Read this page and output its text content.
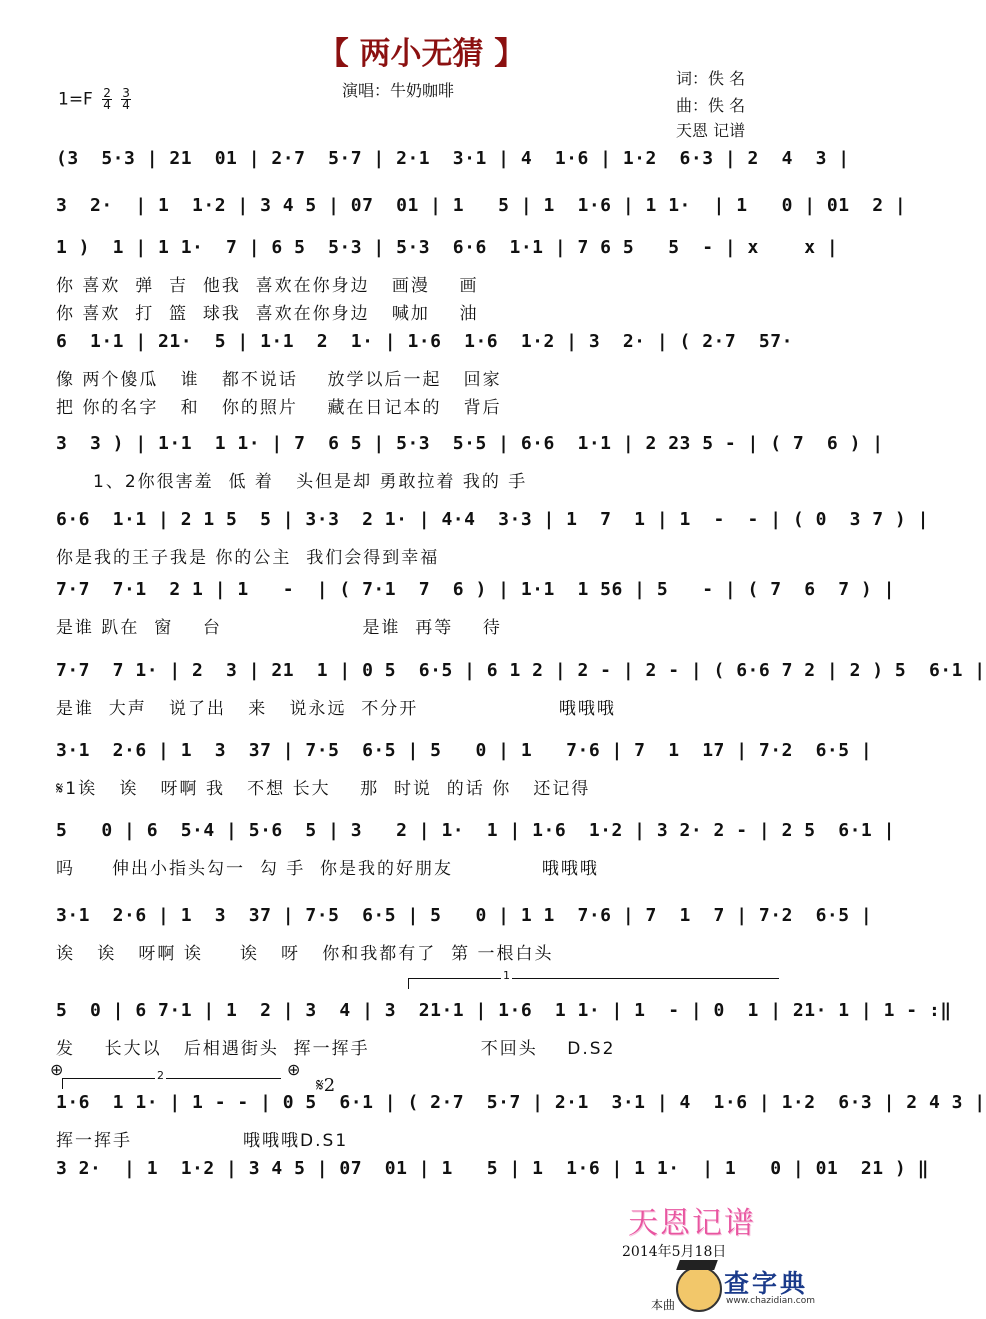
【 两小无猜 】
$1=F \frac{2}{4}$
$\frac{3}{4}$	演唱：牛奶咖啡
词：佚 名
曲：佚 名
天恩 记谱
(3  5·3 | 21  01 | 2·7  5·7 | 2·1  3·1 | 4  1·6 | 1·2  6·3 | 2  4  3 |
3  2·  | 1  1·2 | 3 4 5 | 07  01 | 1   5 | 1  1·6 | 1 1·  | 1   0 | 01  2 |
1 )  1 | 1 1·  7 | 6 5  5·3 | 5·3  6·6  1·1 | 7 6 5   5  - | x    x |
你 喜欢  弹  吉  他我  喜欢在你身边   画漫    画
你 喜欢  打  篮  球我  喜欢在你身边   喊加    油
6  1·1 | 21·  5 | 1·1  2  1· | 1·6  1·6  1·2 | 3  2· | ( 2·7  57·
像 两个傻瓜   谁   都不说话    放学以后一起   回家
把 你的名字   和   你的照片    藏在日记本的   背后
3  3 ) | 1·1  1 1· | 7  6 5 | 5·3  5·5 | 6·6  1·1 | 2 23 5 - | ( 7  6 ) |
1、2你很害羞  低 着   头但是却 勇敢拉着 我的 手
6·6  1·1 | 2 1 5  5 | 3·3  2 1· | 4·4  3·3 | 1  7  1 | 1  -  - | ( 0  3 7 ) |
你是我的王子我是 你的公主  我们会得到幸福
7·7  7·1  2 1 | 1   -  | ( 7·1  7  6 ) | 1·1  1 56 | 5   - | ( 7  6  7 ) |
是谁 趴在  窗    台                   是谁  再等    待
7·7  7 1· | 2  3 | 21  1 | 0 5  6·5 | 6 1 2 | 2 - | 2 - | ( 6·6 7 2 | 2 ) 5  6·1 |
是谁  大声   说了出   来   说永远  不分开                   哦哦哦
3·1  2·6 | 1  3  37 | 7·5  6·5 | 5   0 | 1   7·6 | 7  1  17 | 7·2  6·5 |
𝄋1诶   诶   呀啊 我   不想 长大    那  时说  的话 你   还记得
5   0 | 6  5·4 | 5·6  5 | 3   2 | 1·  1 | 1·6  1·2 | 3 2· 2 - | 2 5  6·1 |
吗     伸出小指头勾一  勾 手  你是我的好朋友            哦哦哦
3·1  2·6 | 1  3  37 | 7·5  6·5 | 5   0 | 1 1  7·6 | 7  1  7 | 7·2  6·5 |
诶   诶   呀啊 诶     诶   呀   你和我都有了  第 一根白头
5  0 | 6 7·1 | 1  2 | 3  4 | 3  21·1 | 1·6  1 1· | 1  - | 0  1 | 21· 1 | 1 - :‖
发    长大以   后相遇街头  挥一挥手               不回头    D.S2
1·6  1 1· | 1 - - | 0 5  6·1 | ( 2·7  5·7 | 2·1  3·1 | 4  1·6 | 1·2  6·3 | 2 4 3 |
挥一挥手               哦哦哦D.S1
3 2·  | 1  1·2 | 3 4 5 | 07  01 | 1   5 | 1  1·6 | 1 1·  | 1   0 | 01  21 ) ‖
1
2
⊕	⊕
𝄋2
天恩记谱
2014年5月18日
查字典
www.chazidian.com
本曲
